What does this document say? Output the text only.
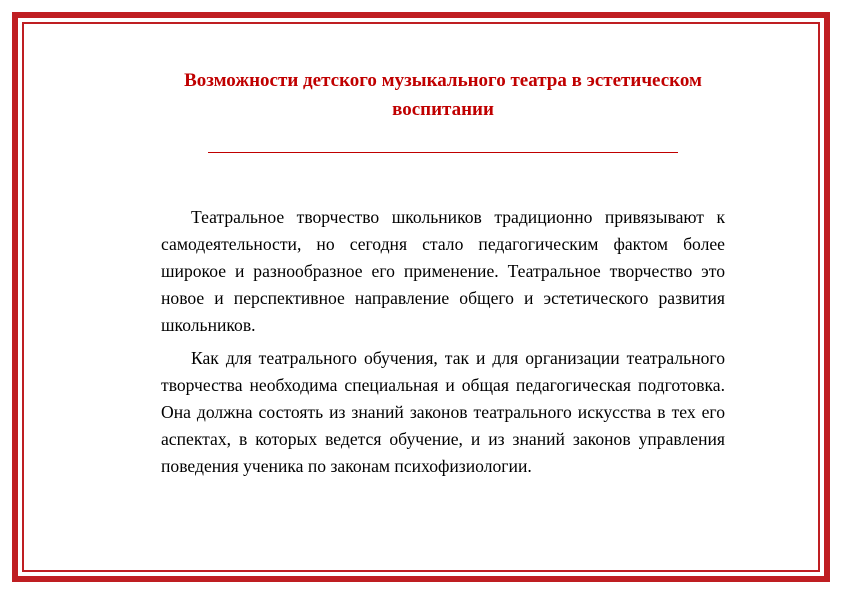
Возможности детского музыкального театра в эстетическом воспитании

Театральное творчество школьников традиционно привязывают к самодеятельности, но сегодня стало педагогическим фактом более широкое и разнообразное его применение. Театральное творчество это новое и перспективное направление общего и эстетического развития школьников.

Как для театрального обучения, так и для организации театрального творчества необходима специальная и общая педагогическая подготовка. Она должна состоять из знаний законов театрального искусства в тех его аспектах, в которых ведется обучение, и из знаний законов управления поведения ученика по законам психофизиологии.
